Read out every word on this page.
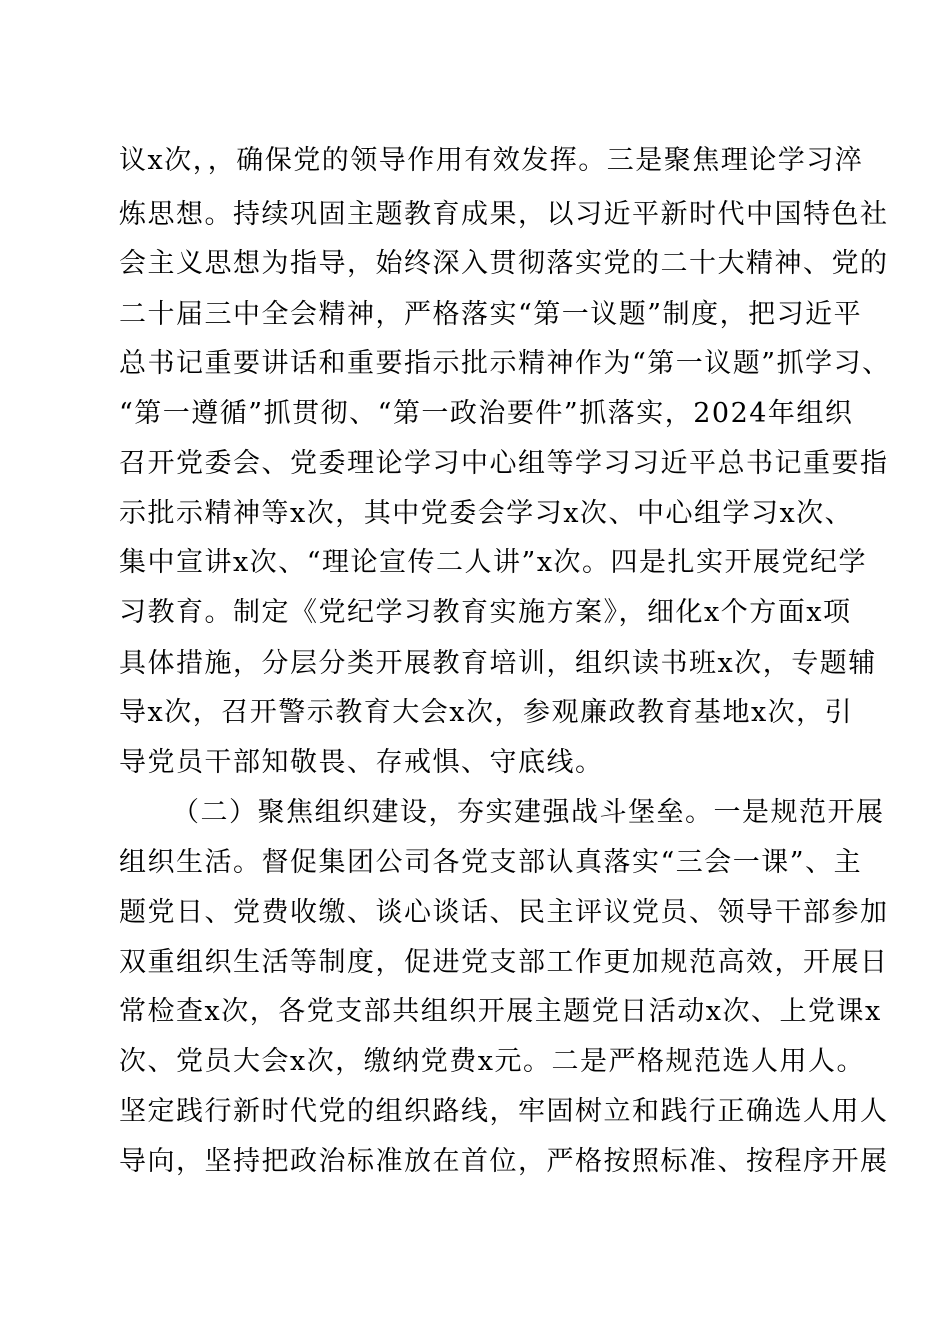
议x次，，确保党的领导作用有效发挥。三是聚焦理论学习淬
炼思想。持续巩固主题教育成果，以习近平新时代中国特色社
会主义思想为指导，始终深入贯彻落实党的二十大精神、党的
二十届三中全会精神，严格落实“第一议题”制度，把习近平
总书记重要讲话和重要指示批示精神作为“第一议题”抓学习、
“第一遵循”抓贯彻、“第一政治要件”抓落实，2024年组织
召开党委会、党委理论学习中心组等学习习近平总书记重要指
示批示精神等x次，其中党委会学习x次、中心组学习x次、
集中宣讲x次、“理论宣传二人讲”x次。四是扎实开展党纪学
习教育。制定《党纪学习教育实施方案》，细化x个方面x项
具体措施，分层分类开展教育培训，组织读书班x次，专题辅
导x次，召开警示教育大会x次，参观廉政教育基地x次，引
导党员干部知敬畏、存戒惧、守底线。
（二）聚焦组织建设，夯实建强战斗堡垒。一是规范开展
组织生活。督促集团公司各党支部认真落实“三会一课”、主
题党日、党费收缴、谈心谈话、民主评议党员、领导干部参加
双重组织生活等制度，促进党支部工作更加规范高效，开展日
常检查x次，各党支部共组织开展主题党日活动x次、上党课x
次、党员大会x次，缴纳党费x元。二是严格规范选人用人。
坚定践行新时代党的组织路线，牢固树立和践行正确选人用人
导向，坚持把政治标准放在首位，严格按照标准、按程序开展
